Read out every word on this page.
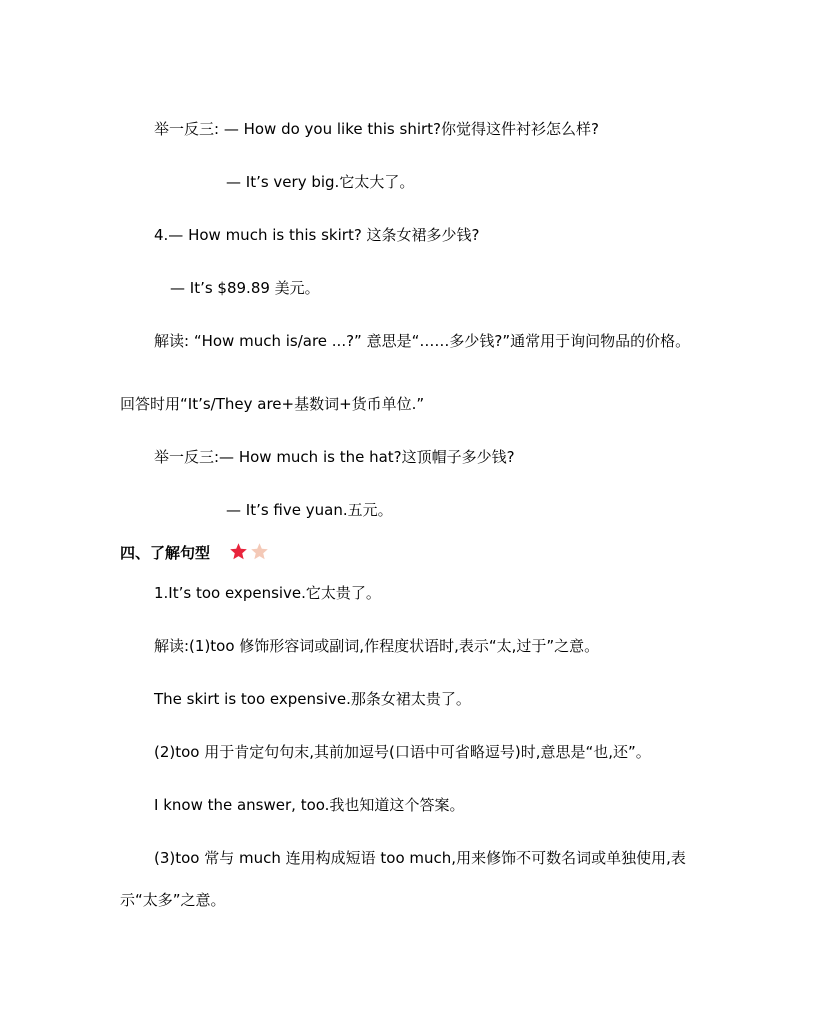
举一反三: — How do you like this shirt?你觉得这件衬衫怎么样?
— It’s very big.它太大了。
4.— How much is this skirt? 这条女裙多少钱?
— It’s $89.89 美元。
解读: “How much is/are ...?” 意思是“……多少钱?”通常用于询问物品的价格。
回答时用“It’s/They are+基数词+货币单位.”
举一反三:— How much is the hat?这顶帽子多少钱?
— It’s five yuan.五元。
四、了解句型
1.It’s too expensive.它太贵了。
解读:(1)too 修饰形容词或副词,作程度状语时,表示“太,过于”之意。
The skirt is too expensive.那条女裙太贵了。
(2)too 用于肯定句句末,其前加逗号(口语中可省略逗号)时,意思是“也,还”。
I know the answer, too.我也知道这个答案。
(3)too 常与 much 连用构成短语 too much,用来修饰不可数名词或单独使用,表
示“太多”之意。
